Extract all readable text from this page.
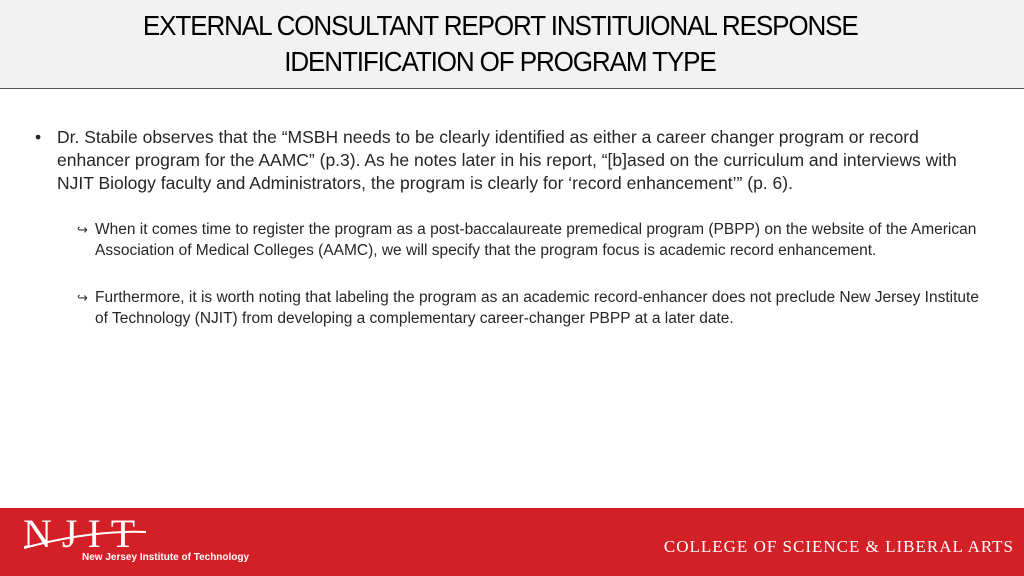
EXTERNAL CONSULTANT REPORT INSTITUIONAL RESPONSE
IDENTIFICATION OF PROGRAM TYPE
• Dr. Stabile observes that the “MSBH needs to be clearly identified as either a career changer program or record enhancer program for the AAMC” (p.3). As he notes later in his report, “[b]ased on the curriculum and interviews with NJIT Biology faculty and Administrators, the program is clearly for ‘record enhancement’” (p. 6).
↪ When it comes time to register the program as a post-baccalaureate premedical program (PBPP) on the website of the American Association of Medical Colleges (AAMC), we will specify that the program focus is academic record enhancement.
↪ Furthermore, it is worth noting that labeling the program as an academic record-enhancer does not preclude New Jersey Institute of Technology (NJIT) from developing a complementary career-changer PBPP at a later date.
NJIT
New Jersey Institute of Technology
COLLEGE OF SCIENCE & LIBERAL ARTS
